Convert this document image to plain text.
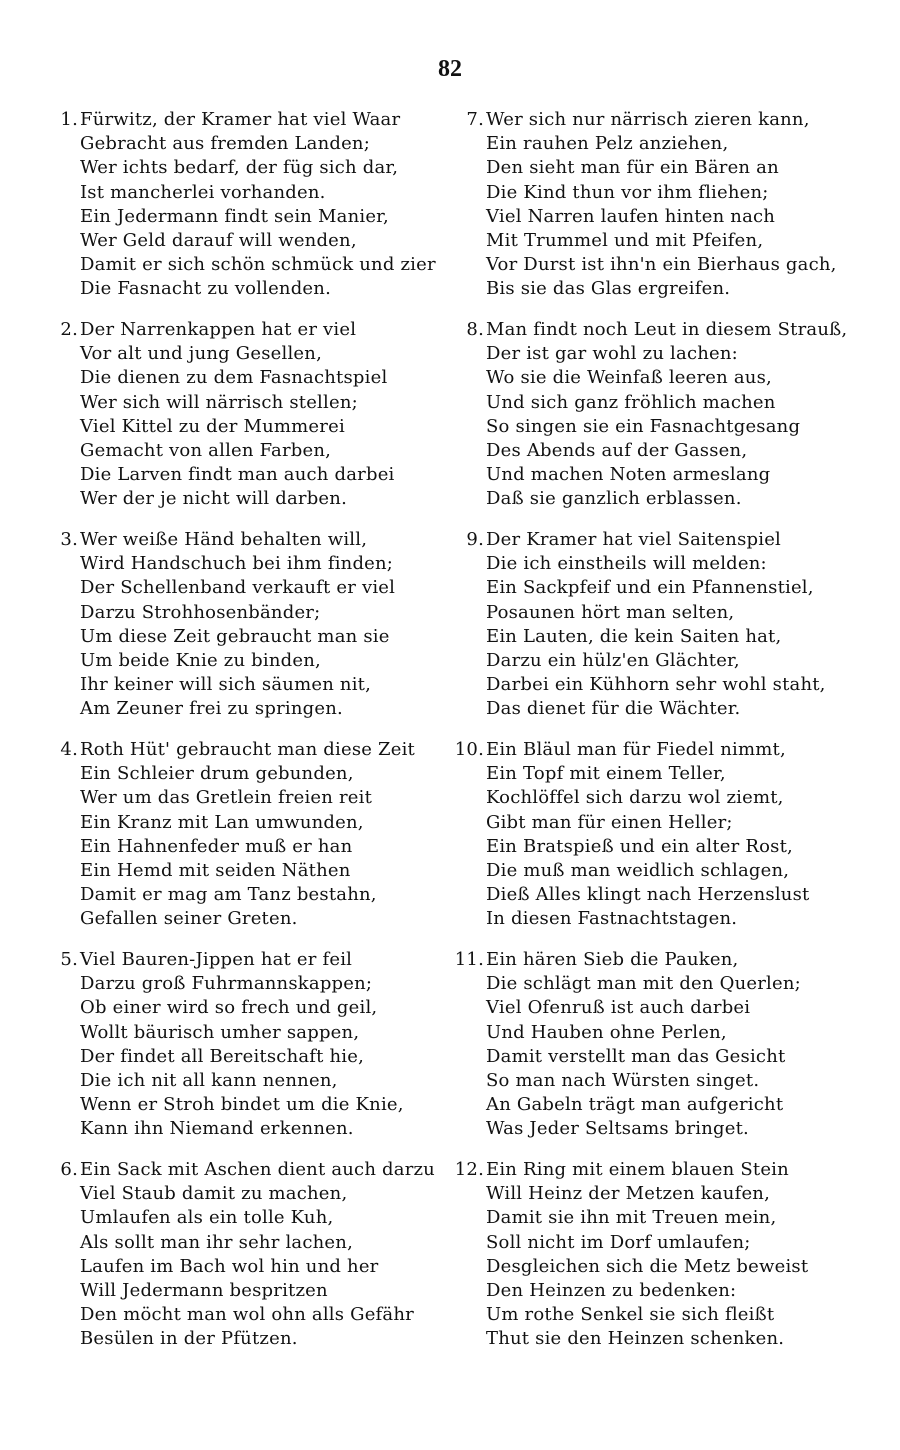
82
1. Fürwitz, der Kramer hat viel Waar
Gebracht aus fremden Landen;
Wer ichts bedarf, der füg sich dar,
Ist mancherlei vorhanden.
Ein Jedermann findt sein Manier,
Wer Geld darauf will wenden,
Damit er sich schön schmück und zier
Die Fasnacht zu vollenden.
2. Der Narrenkappen hat er viel
Vor alt und jung Gesellen,
Die dienen zu dem Fasnachtspiel
Wer sich will närrisch stellen;
Viel Kittel zu der Mummerei
Gemacht von allen Farben,
Die Larven findt man auch darbei
Wer der je nicht will darben.
3. Wer weiße Händ behalten will,
Wird Handschuch bei ihm finden;
Der Schellenband verkauft er viel
Darzu Strohhosenbänder;
Um diese Zeit gebraucht man sie
Um beide Knie zu binden,
Ihr keiner will sich säumen nit,
Am Zeuner frei zu springen.
4. Roth Hüt' gebraucht man diese Zeit
Ein Schleier drum gebunden,
Wer um das Gretlein freien reit
Ein Kranz mit Lan umwunden,
Ein Hahnenfeder muß er han
Ein Hemd mit seiden Näthen
Damit er mag am Tanz bestahn,
Gefallen seiner Greten.
5. Viel Bauren-Jippen hat er feil
Darzu groß Fuhrmannskappen;
Ob einer wird so frech und geil,
Wollt bäurisch umher sappen,
Der findet all Bereitschaft hie,
Die ich nit all kann nennen,
Wenn er Stroh bindet um die Knie,
Kann ihn Niemand erkennen.
6. Ein Sack mit Aschen dient auch darzu
Viel Staub damit zu machen,
Umlaufen als ein tolle Kuh,
Als sollt man ihr sehr lachen,
Laufen im Bach wol hin und her
Will Jedermann bespritzen
Den möcht man wol ohn alls Gefähr
Besülen in der Pfützen.
7. Wer sich nur närrisch zieren kann,
Ein rauhen Pelz anziehen,
Den sieht man für ein Bären an
Die Kind thun vor ihm fliehen;
Viel Narren laufen hinten nach
Mit Trummel und mit Pfeifen,
Vor Durst ist ihn'n ein Bierhaus gach,
Bis sie das Glas ergreifen.
8. Man findt noch Leut in diesem Strauß,
Der ist gar wohl zu lachen:
Wo sie die Weinfaß leeren aus,
Und sich ganz fröhlich machen
So singen sie ein Fasnachtgesang
Des Abends auf der Gassen,
Und machen Noten armeslang
Daß sie ganzlich erblassen.
9. Der Kramer hat viel Saitenspiel
Die ich einstheils will melden:
Ein Sackpfeif und ein Pfannenstiel,
Posaunen hört man selten,
Ein Lauten, die kein Saiten hat,
Darzu ein hülz'en Glächter,
Darbei ein Kühhorn sehr wohl staht,
Das dienet für die Wächter.
10. Ein Bläul man für Fiedel nimmt,
Ein Topf mit einem Teller,
Kochlöffel sich darzu wol ziemt,
Gibt man für einen Heller;
Ein Bratspieß und ein alter Rost,
Die muß man weidlich schlagen,
Dieß Alles klingt nach Herzenslust
In diesen Fastnachtstagen.
11. Ein hären Sieb die Pauken,
Die schlägt man mit den Querlen;
Viel Ofenruß ist auch darbei
Und Hauben ohne Perlen,
Damit verstellt man das Gesicht
So man nach Würsten singet.
An Gabeln trägt man aufgericht
Was Jeder Seltsams bringet.
12. Ein Ring mit einem blauen Stein
Will Heinz der Metzen kaufen,
Damit sie ihn mit Treuen mein,
Soll nicht im Dorf umlaufen;
Desgleichen sich die Metz beweist
Den Heinzen zu bedenken:
Um rothe Senkel sie sich fleißt
Thut sie den Heinzen schenken.
